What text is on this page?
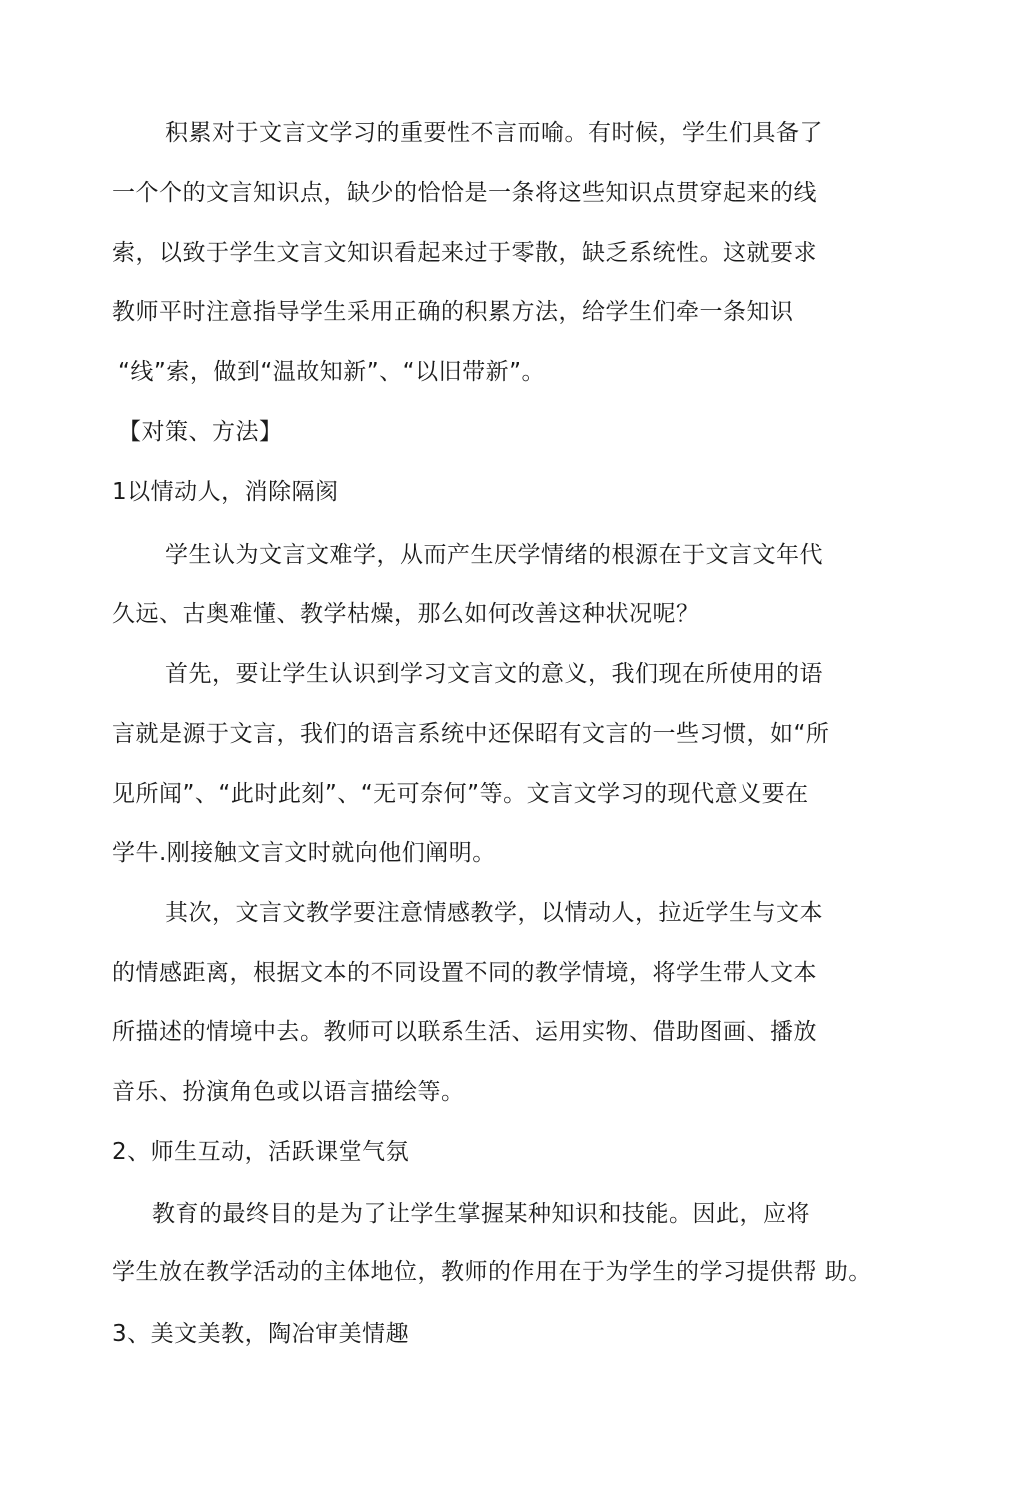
积累对于文言文学习的重要性不言而喻。有时候，学生们具备了
一个个的文言知识点，缺少的恰恰是一条将这些知识点贯穿起来的线
索，以致于学生文言文知识看起来过于零散，缺乏系统性。这就要求
教师平时注意指导学生采用正确的积累方法，给学生们牵一条知识
“线”索，做到“温故知新”、“以旧带新”。
【对策、方法】
1以情动人，消除隔阂
学生认为文言文难学，从而产生厌学情绪的根源在于文言文年代
久远、古奥难懂、教学枯燥，那么如何改善这种状况呢？
首先，要让学生认识到学习文言文的意义，我们现在所使用的语
言就是源于文言，我们的语言系统中还保昭有文言的一些习惯，如“所
见所闻”、“此时此刻”、“无可奈何”等。文言文学习的现代意义要在
学牛.刚接触文言文时就向他们阐明。
其次，文言文教学要注意情感教学，以情动人，拉近学生与文本
的情感距离，根据文本的不同设置不同的教学情境，将学生带人文本
所描述的情境中去。教师可以联系生活、运用实物、借助图画、播放
音乐、扮演角色或以语言描绘等。
2、师生互动，活跃课堂气氛
教育的最终目的是为了让学生掌握某种知识和技能。因此，应将
学生放在教学活动的主体地位，教师的作用在于为学生的学习提供帮 助。
3、美文美教，陶冶审美情趣
